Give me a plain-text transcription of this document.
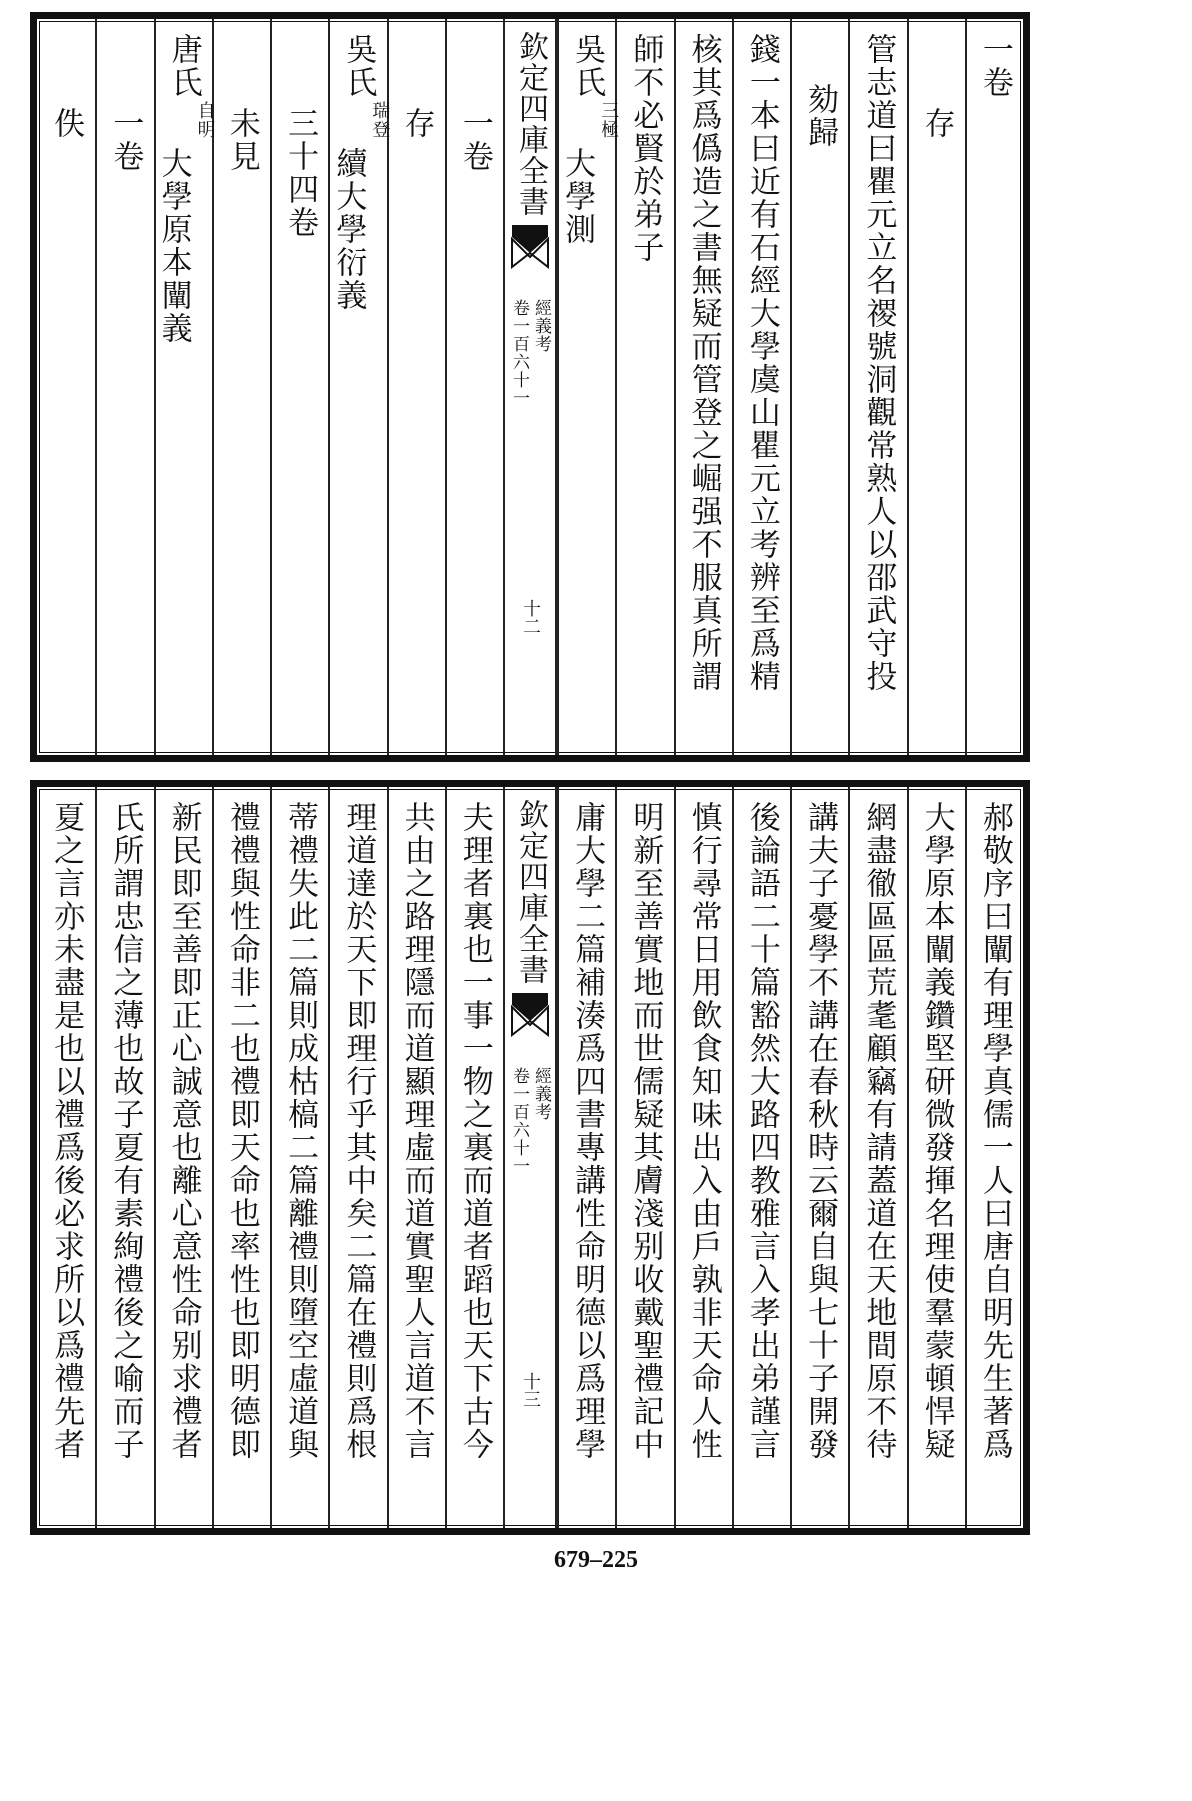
一卷
存
管志道曰瞿元立名禝號洞觀常熟人以邵武守投
劾歸
錢一本曰近有石經大學虞山瞿元立考辨至爲精
核其爲僞造之書無疑而管登之崛强不服真所謂
師不必賢於弟子
吳氏
三極
大學測
一卷
存
吳氏
瑞登
續大學衍義
三十四卷
未見
唐氏
自明
大學原本闡義
一卷
佚	欽定四庫全書
經義考
卷一百六十一
十二
郝敬序曰闡有理學真儒一人曰唐自明先生著爲
大學原本闡義鑽堅研微發揮名理使羣蒙頓悍疑
網盡徹區區荒耄顧竊有請蓋道在天地間原不待
講夫子憂學不講在春秋時云爾自與七十子開發
後論語二十篇豁然大路四教雅言入孝出弟謹言
慎行尋常日用飲食知味出入由戶孰非天命人性
明新至善實地而世儒疑其膚淺别收戴聖禮記中
庸大學二篇補湊爲四書專講性命明德以爲理學
夫理者裏也一事一物之裏而道者蹈也天下古今
共由之路理隱而道顯理虛而道實聖人言道不言
理道達於天下即理行乎其中矣二篇在禮則爲根
蒂禮失此二篇則成枯槁二篇離禮則墮空虛道與
禮禮與性命非二也禮即天命也率性也即明德即
新民即至善即正心誠意也離心意性命别求禮者
氏所謂忠信之薄也故子夏有素絢禮後之喻而子
夏之言亦未盡是也以禮爲後必求所以爲禮先者	欽定四庫全書
經義考
卷一百六十一
十三
679–225
